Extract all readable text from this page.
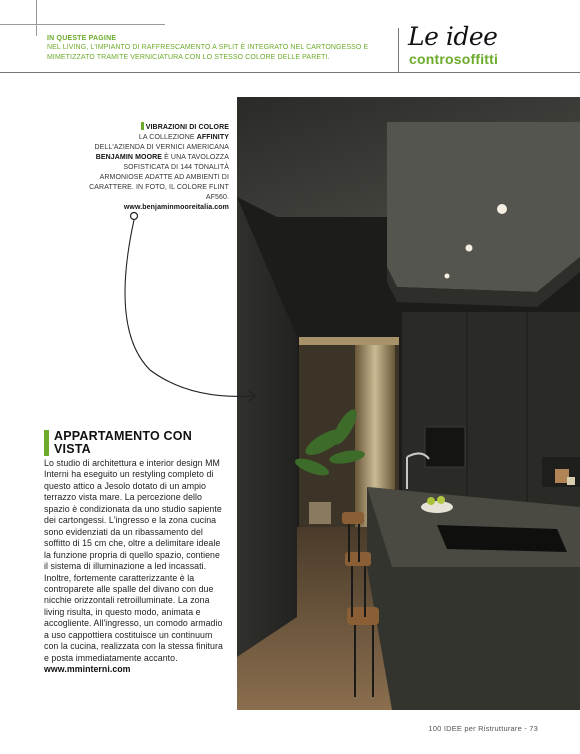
IN QUESTE PAGINE
NEL LIVING, L'IMPIANTO DI RAFFRESCAMENTO A SPLIT È INTEGRATO NEL CARTONGESSO E MIMETIZZATO TRAMITE VERNICIATURA CON LO STESSO COLORE DELLE PARETI.
Le idee
controsoffitti
VIBRAZIONI DI COLORE
LA COLLEZIONE AFFINITY
DELL'AZIENDA DI VERNICI AMERICANA
BENJAMIN MOORE È UNA TAVOLOZZA SOFISTICATA DI 144 TONALITÀ ARMONIOSE ADATTE AD AMBIENTI DI CARATTERE. IN FOTO, IL COLORE FLINT AF560.
www.benjaminmooreitalia.com
APPARTAMENTO CON VISTA
Lo studio di architettura e interior design MM Interni ha eseguito un restyling completo di questo attico a Jesolo dotato di un ampio terrazzo vista mare. La percezione dello spazio è condizionata da uno studio sapiente dei cartongessi. L'ingresso e la zona cucina sono evidenziati da un ribassamento del soffitto di 15 cm che, oltre a delimitare ideale la funzione propria di quello spazio, contiene il sistema di illuminazione a led incassati. Inoltre, fortemente caratterizzante è la controparete alle spalle del divano con due nicchie orizzontali retroilluminate. La zona living risulta, in questo modo, animata e accogliente. All'ingresso, un comodo armadio a uso cappottiera costituisce un continuum con la cucina, realizzata con la stessa finitura e posta immediatamente accanto.
www.mminterni.com
100 IDEE per Ristrutturare - 73
